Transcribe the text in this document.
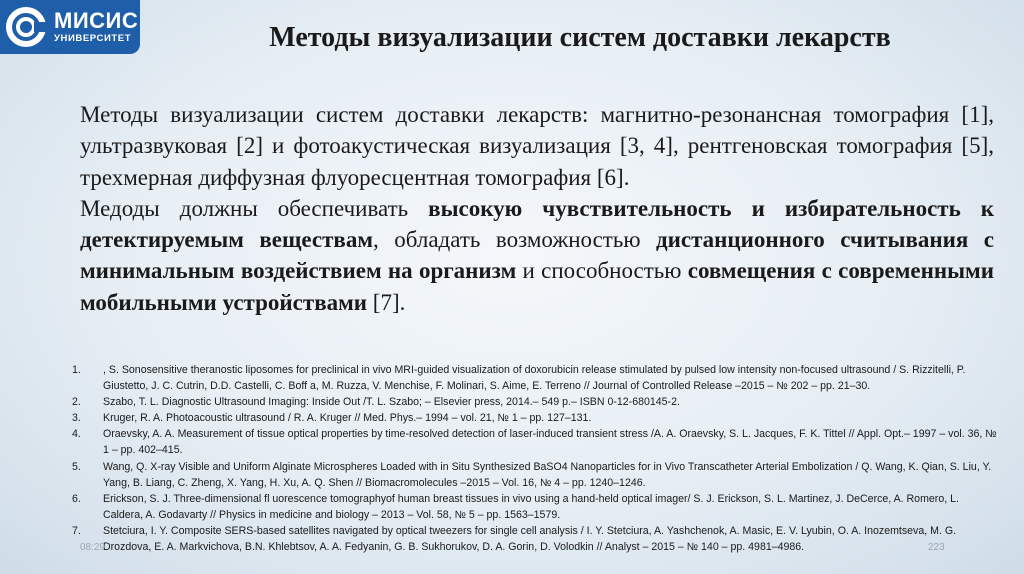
МИСИС
УНИВЕРСИТЕТ	Методы визуализации систем доставки лекарств

Методы визуализации систем доставки лекарств: магнитно-резонансная томография [1], ультразвуковая [2] и фотоакустическая визуализация [3, 4], рентгеновская томография [5], трехмерная диффузная флуоресцентная томография [6].

Медоды должны обеспечивать высокую чувствительность и избирательность к детектируемым веществам, обладать возможностью дистанционного считывания с минимальным воздействием на организм и способностью совмещения с современными мобильными устройствами [7].

1.	, S. Sonosensitive theranostic liposomes for preclinical in vivo MRI-guided visualization of doxorubicin release stimulated by pulsed low intensity non-focused ultrasound / S. Rizzitelli, P. Giustetto, J. C. Cutrin, D.D. Castelli, C. Boff a, M. Ruzza, V. Menchise, F. Molinari, S. Aime, E. Terreno // Journal of Controlled Release –2015 – № 202 – pp. 21–30.
2.	Szabo, T. L. Diagnostic Ultrasound Imaging: Inside Out /T. L. Szabo; – Elsevier press, 2014.– 549 p.– ISBN 0-12-680145-2.
3.	Kruger, R. A. Photoacoustic ultrasound / R. A. Kruger // Med. Phys.– 1994 – vol. 21, № 1 – pp. 127–131.
4.	Oraevsky, A. A. Measurement of tissue optical properties by time-resolved detection of laser-induced transient stress /A. A. Oraevsky, S. L. Jacques, F. K. Tittel // Appl. Opt.– 1997 – vol. 36, № 1 – pp. 402–415.
5.	Wang, Q. X-ray Visible and Uniform Alginate Microspheres Loaded with in Situ Synthesized BaSO4 Nanoparticles for in Vivo Transcatheter Arterial Embolization / Q. Wang, K. Qian, S. Liu, Y. Yang, B. Liang, C. Zheng, X. Yang, H. Xu, A. Q. Shen // Biomacromolecules –2015 – Vol. 16, № 4 – pp. 1240–1246.
6.	Erickson, S. J. Three-dimensional fl uorescence tomographyof human breast tissues in vivo using a hand-held optical imager/ S. J. Erickson, S. L. Martinez, J. DeCerce, A. Romero, L. Caldera, A. Godavarty // Physics in medicine and biology – 2013 – Vol. 58, № 5 – pp. 1563–1579.
7.	Stetciura, I. Y. Composite SERS-based satellites navigated by optical tweezers for single cell analysis / I. Y. Stetciura, A. Yashchenok, A. Masic, E. V. Lyubin, O. A. Inozemtseva, M. G. Drozdova, E. A. Markvichova, B.N. Khlebtsov, A. A. Fedyanin, G. B. Sukhorukov, D. A. Gorin, D. Volodkin // Analyst – 2015 – № 140 – pp. 4981–4986.
08:29	223
